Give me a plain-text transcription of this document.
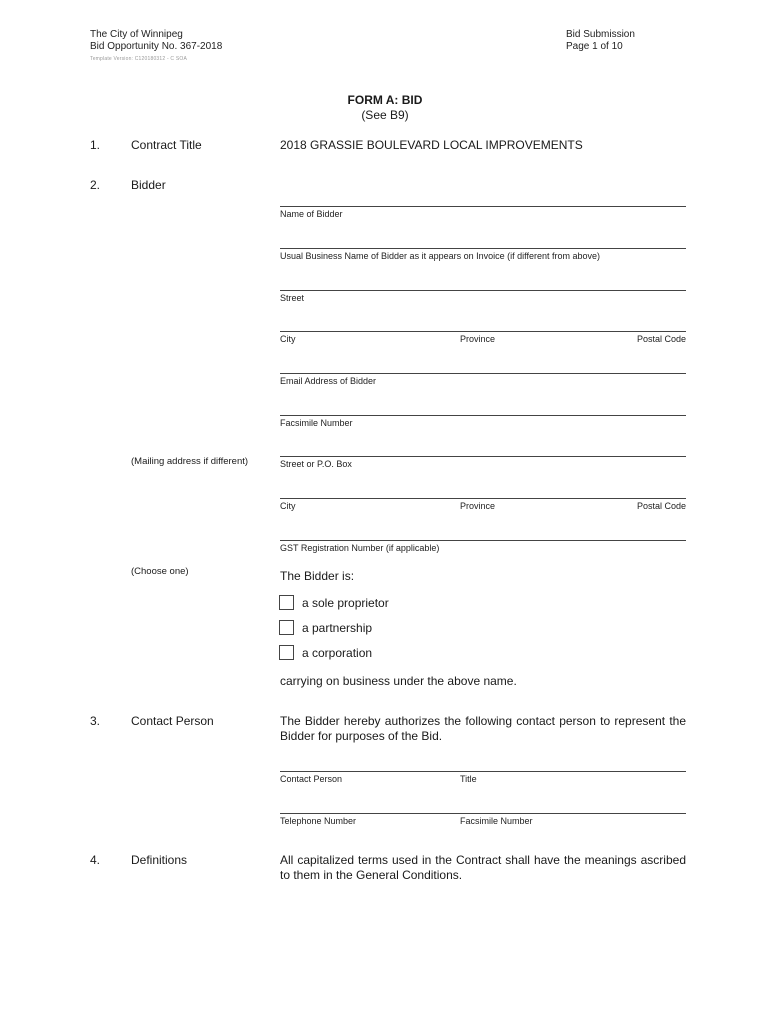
The City of Winnipeg
Bid Opportunity No. 367-2018
Template Version: C120180312 - C SOA
Bid Submission
Page 1 of 10
FORM A: BID
(See B9)
1.	Contract Title	2018 GRASSIE BOULEVARD LOCAL IMPROVEMENTS
2.	Bidder
Name of Bidder
Usual Business Name of Bidder as it appears on Invoice (if different from above)
Street
City	Province	Postal Code
Email Address of Bidder
Facsimile Number
(Mailing address if different)	Street or P.O. Box
City	Province	Postal Code
GST Registration Number (if applicable)
(Choose one)	The Bidder is:
a sole proprietor
a partnership
a corporation
carrying on business under the above name.
3.	Contact Person	The Bidder hereby authorizes the following contact person to represent the Bidder for purposes of the Bid.
Contact Person	Title
Telephone Number	Facsimile Number
4.	Definitions	All capitalized terms used in the Contract shall have the meanings ascribed to them in the General Conditions.
